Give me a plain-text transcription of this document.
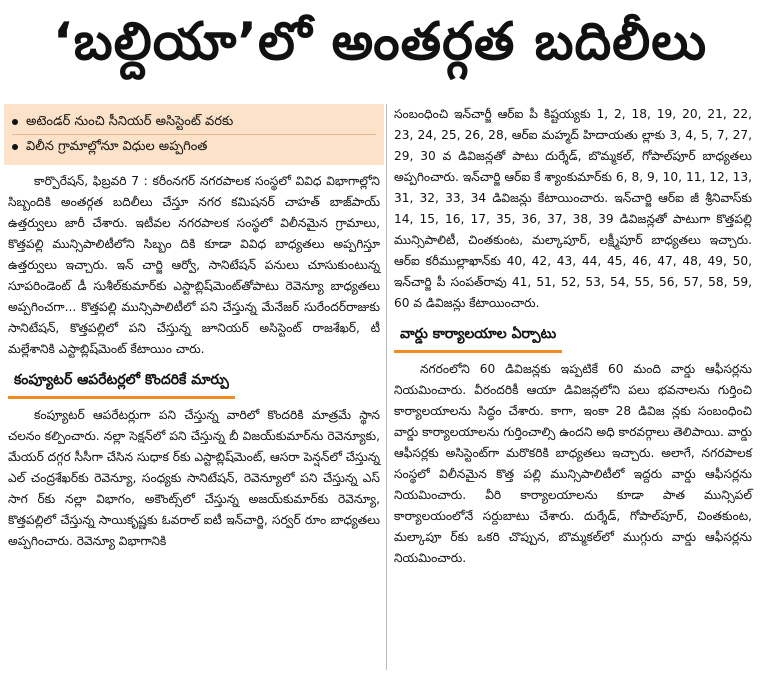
‘బల్దియా’లో అంతర్గత బదిలీలు
అటెండర్ నుంచి సీనియర్ అసిస్టెంట్ వరకు
విలీన గ్రామాల్లోనూ విధుల అప్పగింత

కార్పొరేషన్, ఫిబ్రవరి 7 : కరీంనగర్ నగరపాలక సంస్థలో వివిధ విభాగాల్లోని సిబ్బందికి అంతర్గత బదిలీలు చేస్తూ నగర కమిషనర్ చాహత్ బాజ్‌పాయ్ ఉత్తర్వులు జారీ చేశారు. ఇటీవల నగరపాలక సంస్థలో విలీనమైన గ్రామాలు, కొత్తపల్లి మున్సిపాలిటీలోని సిబ్బం దికి కూడా వివిధ బాధ్యతలు అప్పగిస్తూ ఉత్తర్వులు ఇచ్చారు. ఇన్ చార్జి ఆర్వో, సానిటేషన్ పనులు చూసుకుంటున్న సూపరిండెంట్ డీ సుశీల్‌కుమార్‌కు ఎస్టాబ్లిష్‌మెంట్‌తోపాటు రెవెన్యూ బాధ్యతలు అప్పగించగా... కొత్తపల్లి మున్సిపాలిటీలో పని చేస్తున్న మేనేజర్ సురేందర్‌రాజుకు సానిటేషన్, కొత్తపల్లిలో పని చేస్తున్న జూనియర్ అసిస్టెంట్ రాజశేఖర్, టీ మల్లేశానికి ఎస్టాబ్లిష్‌మెంట్ కేటాయిం చారు.

కంప్యూటర్ ఆపరేటర్లలో కొందరికే మార్పు

కంప్యూటర్ ఆపరేటర్లుగా పని చేస్తున్న వారిలో కొందరికి మాత్రమే స్థాన చలనం కల్పించారు. నల్లా సెక్షన్‌లో పని చేస్తున్న బీ విజయ్‌కుమార్‌ను రెవెన్యూకు, మేయర్ దగ్గర సీసీగా చేసిన సుధాక ర్‌కు ఎస్టాబ్లిష్‌మెంట్, ఆసరా పెన్షన్‌లో చేస్తున్న ఎల్ చంద్రశేఖర్‌కు రెవెన్యూ, సంధ్యకు సానిటేషన్, రెవెన్యూలో పని చేస్తున్న ఎస్ సాగ ర్‌కు నల్లా విభాగం, అకౌంట్స్‌లో చేస్తున్న అజయ్‌కుమార్‌కు రెవెన్యూ, కొత్తపల్లిలో చేస్తున్న సాయికృష్ణకు ఓవరాల్ ఐటీ ఇన్‌చార్జి, సర్వర్ రూం బాధ్యతలు అప్పగించారు. రెవెన్యూ విభాగానికి

సంబంధించి ఇన్‌చార్జీ ఆర్ఐ పీ కిష్టయ్యకు 1, 2, 18, 19, 20, 21, 22, 23, 24, 25, 26, 28, ఆర్ఐ మహ్మద్ హిదాయతు ల్లాకు 3, 4, 5, 7, 27, 29, 30 వ డివిజన్లతో పాటు దుర్శేడ్, బొమ్మకల్, గోపాల్‌పూర్ బాధ్యతలు అప్పగించారు. ఇన్‌చార్జి ఆర్ఐ కే శ్యాంకుమార్‌కు 6, 8, 9, 10, 11, 12, 13, 31, 32, 33, 34 డివిజన్లు కేటాయించారు. ఇన్‌చార్జి ఆర్ఐ జీ శ్రీనివాస్‌కు 14, 15, 16, 17, 35, 36, 37, 38, 39 డివిజన్లతో పాటుగా కొత్తపల్లి మున్సిపాలిటీ, చింతకుంట, మల్కాపూర్, లక్ష్మీపూర్ బాధ్యతలు ఇచ్చారు. ఆర్ఐ కరీముల్లాఖాన్‌కు 40, 42, 43, 44, 45, 46, 47, 48, 49, 50, ఇన్‌చార్జి పీ సంపత్‌రావు 41, 51, 52, 53, 54, 55, 56, 57, 58, 59, 60 వ డివిజన్లు కేటాయించారు.

వార్డు కార్యాలయాల ఏర్పాటు

నగరంలోని 60 డివిజన్లకు ఇప్పటికే 60 మంది వార్డు ఆఫీసర్లను నియమించారు. వీరందరికీ ఆయా డివిజన్లలోని పలు భవనాలను గుర్తించి కార్యాలయాలను సిద్ధం చేశారు. కాగా, ఇంకా 28 డివిజ న్లకు సంబంధించి వార్డు కార్యాలయాలను గుర్తించాల్సి ఉందని అధి కారవర్గాలు తెలిపాయి. వార్డు ఆఫీసర్లకు అసిస్టెంట్‌గా మరొకరికి బాధ్యతలు ఇచ్చారు. అలాగే, నగరపాలక సంస్థలో విలీనమైన కొత్త పల్లి మున్సిపాలిటీలో ఇద్దరు వార్డు ఆఫీసర్లను నియమించారు. వీరి కార్యాలయాలను కూడా పాత మున్సిపల్ కార్యాలయంలోనే సర్దుబాటు చేశారు. దుర్శేడ్, గోపాల్‌పూర్, చింతకుంట, మల్కాపూ ర్‌కు ఒకరి చొప్పున, బొమ్మకల్‌లో ముగ్గురు వార్డు ఆఫీసర్లను నియమించారు.
